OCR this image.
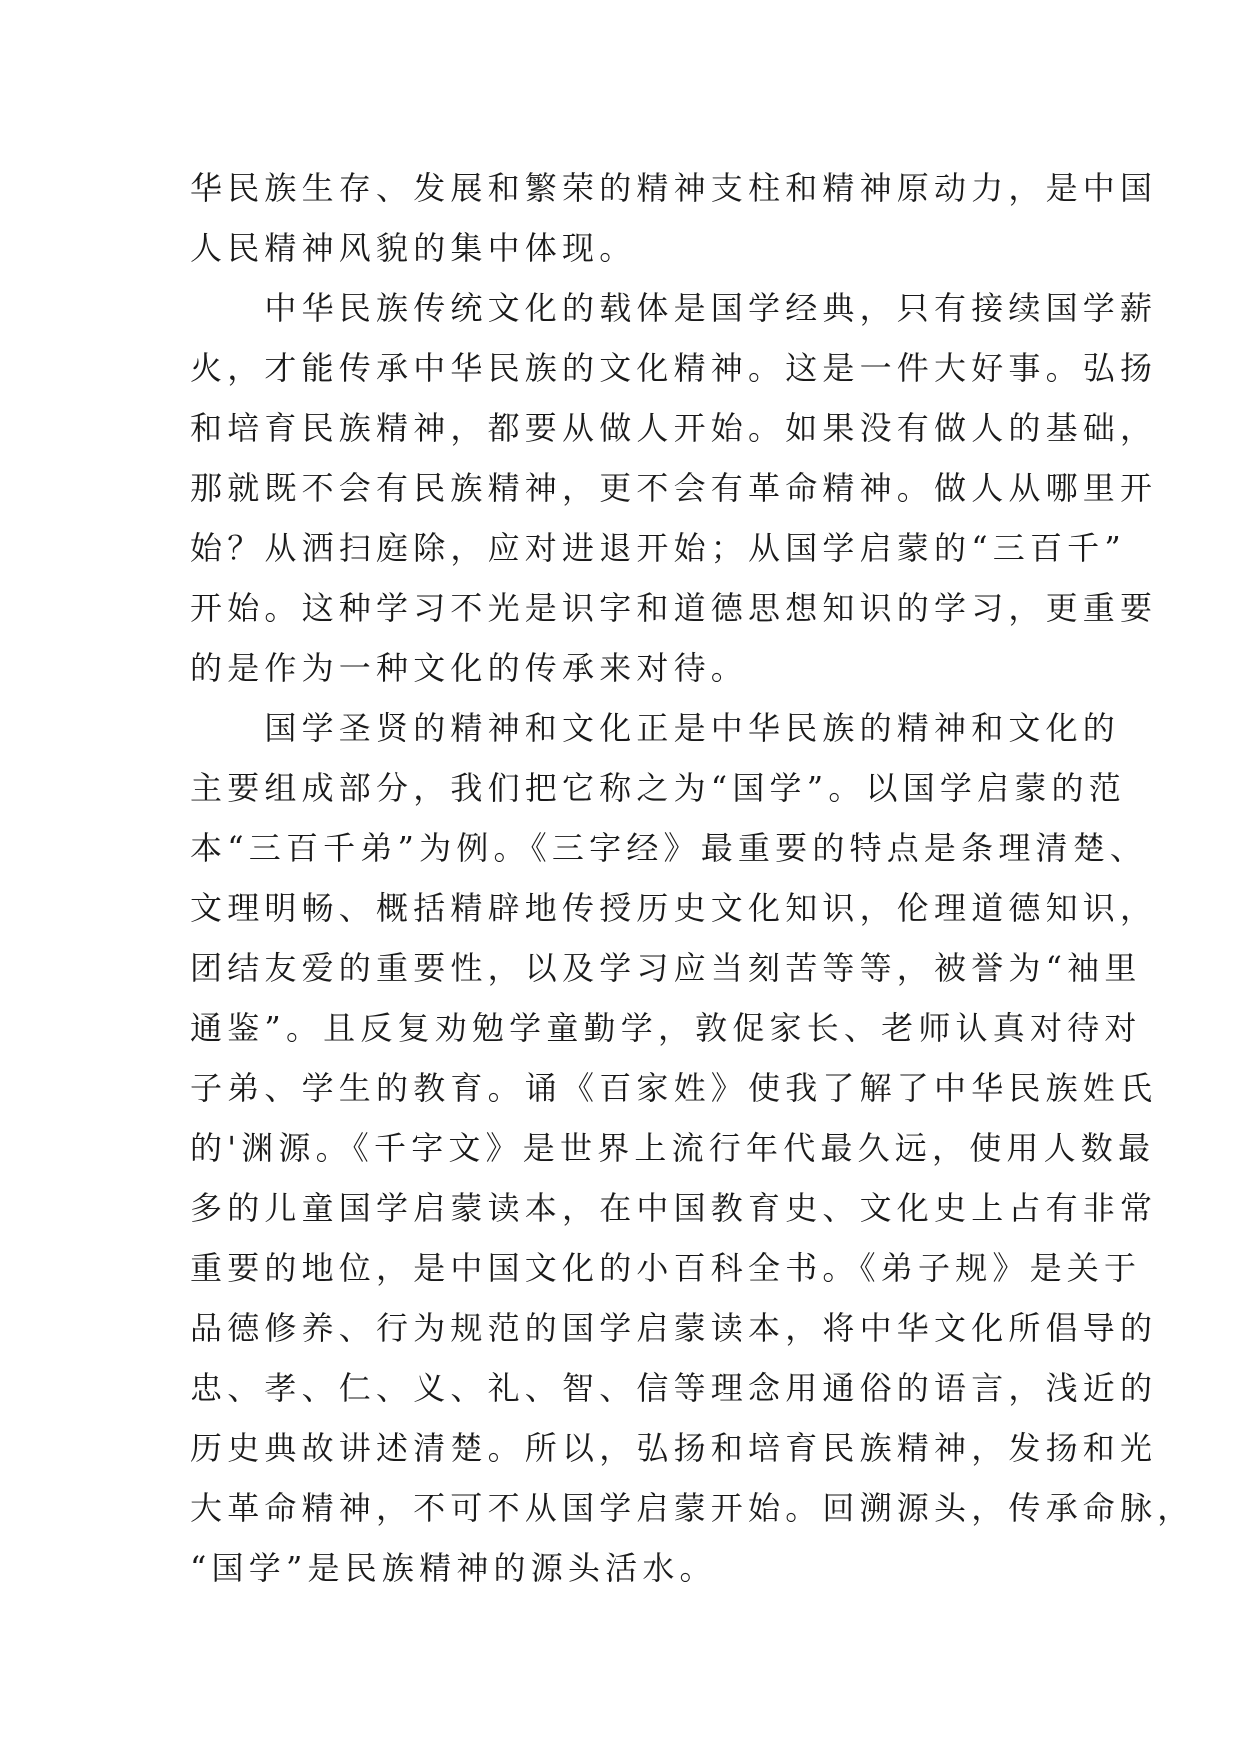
华民族生存、发展和繁荣的精神支柱和精神原动力，是中国
人民精神风貌的集中体现。
　　中华民族传统文化的载体是国学经典，只有接续国学薪
火，才能传承中华民族的文化精神。这是一件大好事。弘扬
和培育民族精神，都要从做人开始。如果没有做人的基础，
那就既不会有民族精神，更不会有革命精神。做人从哪里开
始？从洒扫庭除，应对进退开始；从国学启蒙的“三百千”
开始。这种学习不光是识字和道德思想知识的学习，更重要
的是作为一种文化的传承来对待。
　　国学圣贤的精神和文化正是中华民族的精神和文化的
主要组成部分，我们把它称之为“国学”。以国学启蒙的范
本“三百千弟”为例。《三字经》最重要的特点是条理清楚、
文理明畅、概括精辟地传授历史文化知识，伦理道德知识，
团结友爱的重要性，以及学习应当刻苦等等，被誉为“袖里
通鉴”。且反复劝勉学童勤学，敦促家长、老师认真对待对
子弟、学生的教育。诵《百家姓》使我了解了中华民族姓氏
的'渊源。《千字文》是世界上流行年代最久远，使用人数最
多的儿童国学启蒙读本，在中国教育史、文化史上占有非常
重要的地位，是中国文化的小百科全书。《弟子规》是关于
品德修养、行为规范的国学启蒙读本，将中华文化所倡导的
忠、孝、仁、义、礼、智、信等理念用通俗的语言，浅近的
历史典故讲述清楚。所以，弘扬和培育民族精神，发扬和光
大革命精神，不可不从国学启蒙开始。回溯源头，传承命脉，
“国学”是民族精神的源头活水。
